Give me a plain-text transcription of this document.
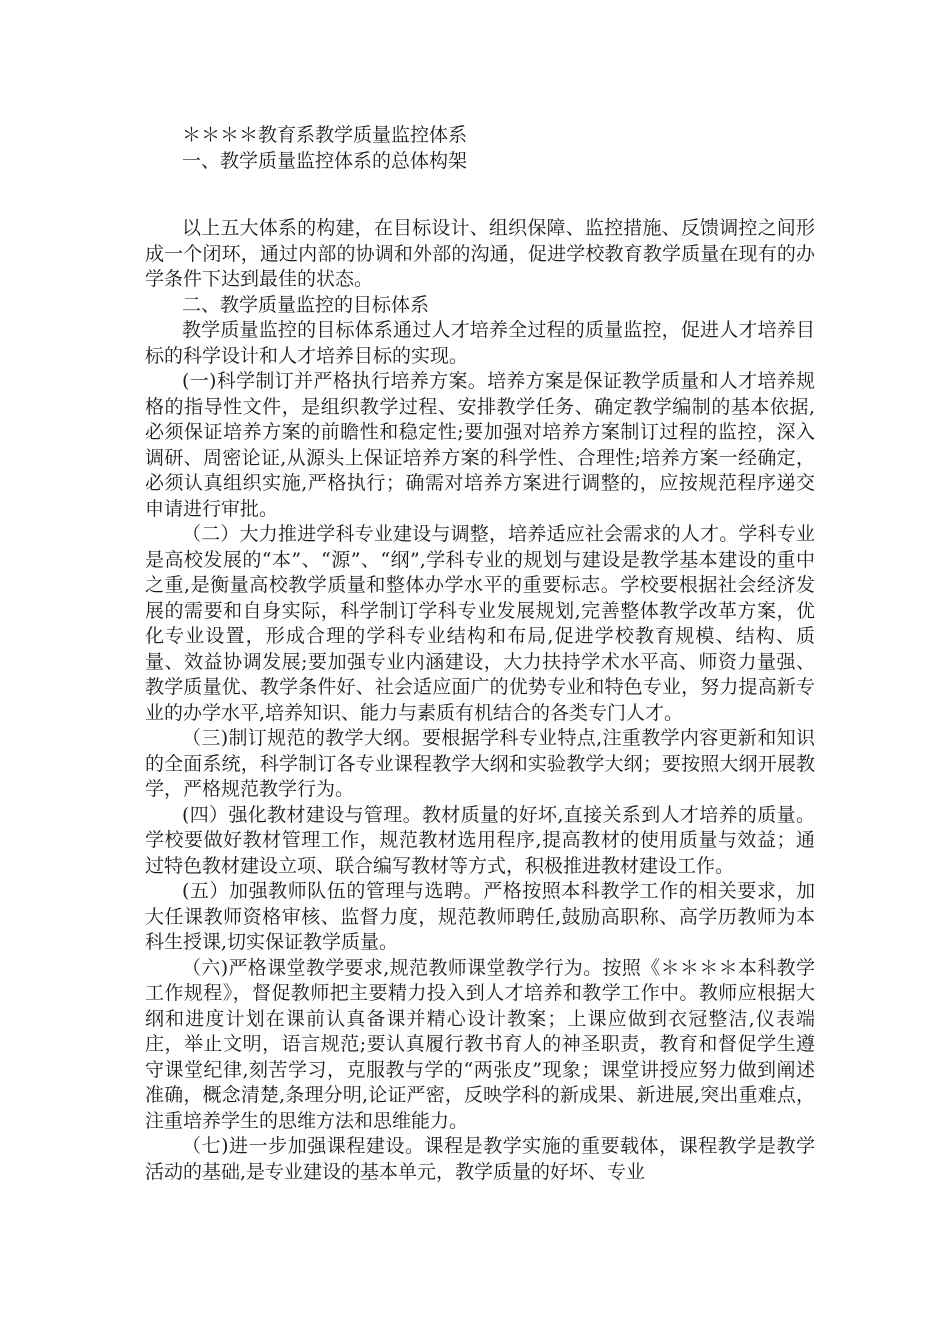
＊＊＊＊教育系教学质量监控体系
一、教学质量监控体系的总体构架

以上五大体系的构建，在目标设计、组织保障、监控措施、反馈调控之间形成一个闭环，通过内部的协调和外部的沟通，促进学校教育教学质量在现有的办学条件下达到最佳的状态。

二、教学质量监控的目标体系

教学质量监控的目标体系通过人才培养全过程的质量监控，促进人才培养目标的科学设计和人才培养目标的实现。

(一)科学制订并严格执行培养方案。培养方案是保证教学质量和人才培养规格的指导性文件，是组织教学过程、安排教学任务、确定教学编制的基本依据,必须保证培养方案的前瞻性和稳定性;要加强对培养方案制订过程的监控，深入调研、周密论证,从源头上保证培养方案的科学性、合理性;培养方案一经确定，必须认真组织实施,严格执行；确需对培养方案进行调整的，应按规范程序递交申请进行审批。

（二）大力推进学科专业建设与调整，培养适应社会需求的人才。学科专业是高校发展的“本”、“源”、“纲”,学科专业的规划与建设是教学基本建设的重中之重,是衡量高校教学质量和整体办学水平的重要标志。学校要根据社会经济发展的需要和自身实际，科学制订学科专业发展规划,完善整体教学改革方案，优化专业设置，形成合理的学科专业结构和布局,促进学校教育规模、结构、质量、效益协调发展;要加强专业内涵建设，大力扶持学术水平高、师资力量强、教学质量优、教学条件好、社会适应面广的优势专业和特色专业，努力提高新专业的办学水平,培养知识、能力与素质有机结合的各类专门人才。

（三)制订规范的教学大纲。要根据学科专业特点,注重教学内容更新和知识的全面系统，科学制订各专业课程教学大纲和实验教学大纲；要按照大纲开展教学，严格规范教学行为。

(四）强化教材建设与管理。教材质量的好坏,直接关系到人才培养的质量。学校要做好教材管理工作，规范教材选用程序,提高教材的使用质量与效益；通过特色教材建设立项、联合编写教材等方式，积极推进教材建设工作。

(五）加强教师队伍的管理与选聘。严格按照本科教学工作的相关要求，加大任课教师资格审核、监督力度，规范教师聘任,鼓励高职称、高学历教师为本科生授课,切实保证教学质量。

（六)严格课堂教学要求,规范教师课堂教学行为。按照《＊＊＊＊本科教学工作规程》，督促教师把主要精力投入到人才培养和教学工作中。教师应根据大纲和进度计划在课前认真备课并精心设计教案；上课应做到衣冠整洁,仪表端庄，举止文明，语言规范;要认真履行教书育人的神圣职责，教育和督促学生遵守课堂纪律,刻苦学习，克服教与学的“两张皮”现象；课堂讲授应努力做到阐述准确，概念清楚,条理分明,论证严密，反映学科的新成果、新进展,突出重难点，注重培养学生的思维方法和思维能力。

（七)进一步加强课程建设。课程是教学实施的重要载体，课程教学是教学活动的基础,是专业建设的基本单元，教学质量的好坏、专业
